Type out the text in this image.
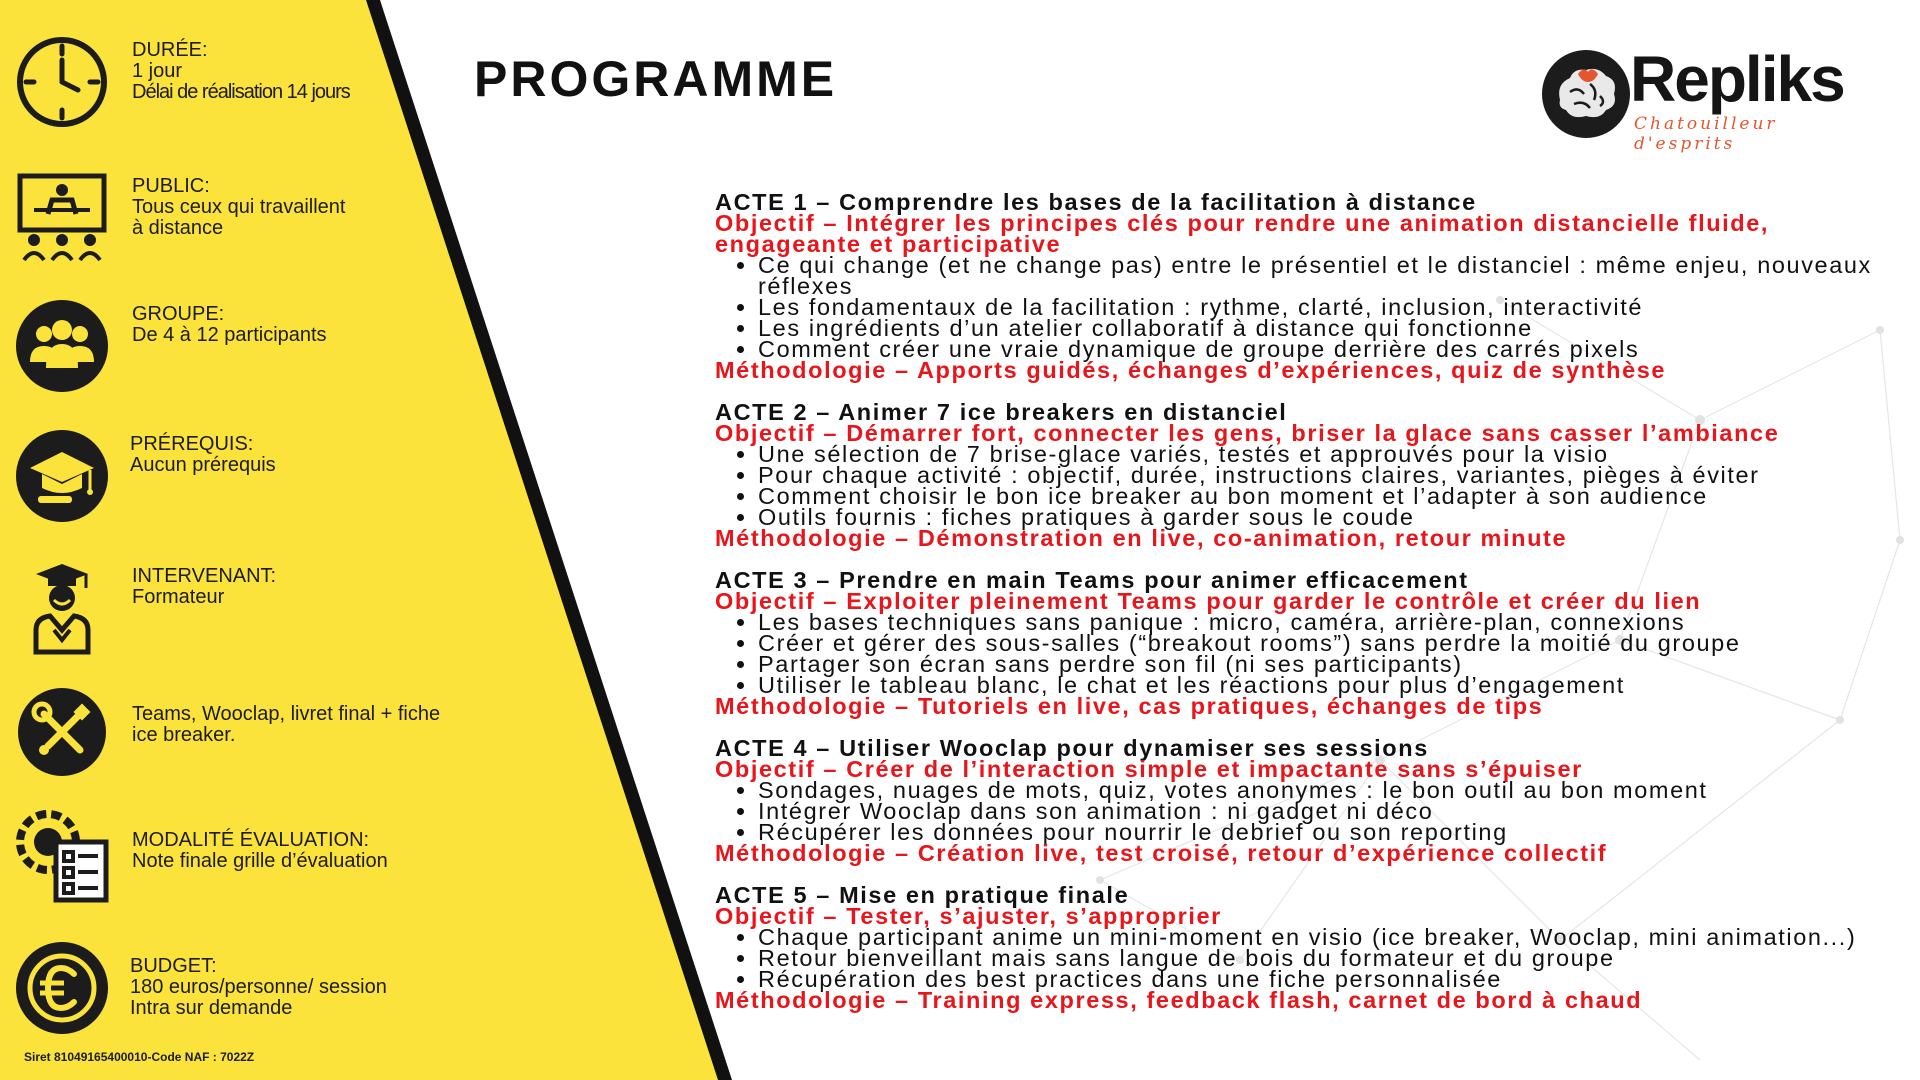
DURÉE:
1 jour
Délai de réalisation 14 jours
PUBLIC:
Tous ceux qui travaillent
à distance
GROUPE:
De 4 à 12 participants
PRÉREQUIS:
Aucun prérequis
INTERVENANT:
Formateur
Teams, Wooclap, livret final + fiche
ice breaker.
MODALITÉ ÉVALUATION:
Note finale grille d’évaluation
BUDGET:
180 euros/personne/ session
Intra sur demande
Siret 81049165400010-Code NAF : 7022Z
PROGRAMME	Repliks
Chatouilleur d'esprits
ACTE 1 – Comprendre les bases de la facilitation à distance
Objectif – Intégrer les principes clés pour rendre une animation distancielle fluide, engageante et participative
• Ce qui change (et ne change pas) entre le présentiel et le distanciel : même enjeu, nouveaux réflexes
• Les fondamentaux de la facilitation : rythme, clarté, inclusion, interactivité
• Les ingrédients d’un atelier collaboratif à distance qui fonctionne
• Comment créer une vraie dynamique de groupe derrière des carrés pixels
Méthodologie – Apports guidés, échanges d’expériences, quiz de synthèse
ACTE 2 – Animer 7 ice breakers en distanciel
Objectif – Démarrer fort, connecter les gens, briser la glace sans casser l’ambiance
• Une sélection de 7 brise-glace variés, testés et approuvés pour la visio
• Pour chaque activité : objectif, durée, instructions claires, variantes, pièges à éviter
• Comment choisir le bon ice breaker au bon moment et l’adapter à son audience
• Outils fournis : fiches pratiques à garder sous le coude
Méthodologie – Démonstration en live, co-animation, retour minute
ACTE 3 – Prendre en main Teams pour animer efficacement
Objectif – Exploiter pleinement Teams pour garder le contrôle et créer du lien
• Les bases techniques sans panique : micro, caméra, arrière-plan, connexions
• Créer et gérer des sous-salles (“breakout rooms”) sans perdre la moitié du groupe
• Partager son écran sans perdre son fil (ni ses participants)
• Utiliser le tableau blanc, le chat et les réactions pour plus d’engagement
Méthodologie – Tutoriels en live, cas pratiques, échanges de tips
ACTE 4 – Utiliser Wooclap pour dynamiser ses sessions
Objectif – Créer de l’interaction simple et impactante sans s’épuiser
• Sondages, nuages de mots, quiz, votes anonymes : le bon outil au bon moment
• Intégrer Wooclap dans son animation : ni gadget ni déco
• Récupérer les données pour nourrir le debrief ou son reporting
Méthodologie – Création live, test croisé, retour d’expérience collectif
ACTE 5 – Mise en pratique finale
Objectif – Tester, s’ajuster, s’approprier
• Chaque participant anime un mini-moment en visio (ice breaker, Wooclap, mini animation...)
• Retour bienveillant mais sans langue de bois du formateur et du groupe
• Récupération des best practices dans une fiche personnalisée
Méthodologie – Training express, feedback flash, carnet de bord à chaud
